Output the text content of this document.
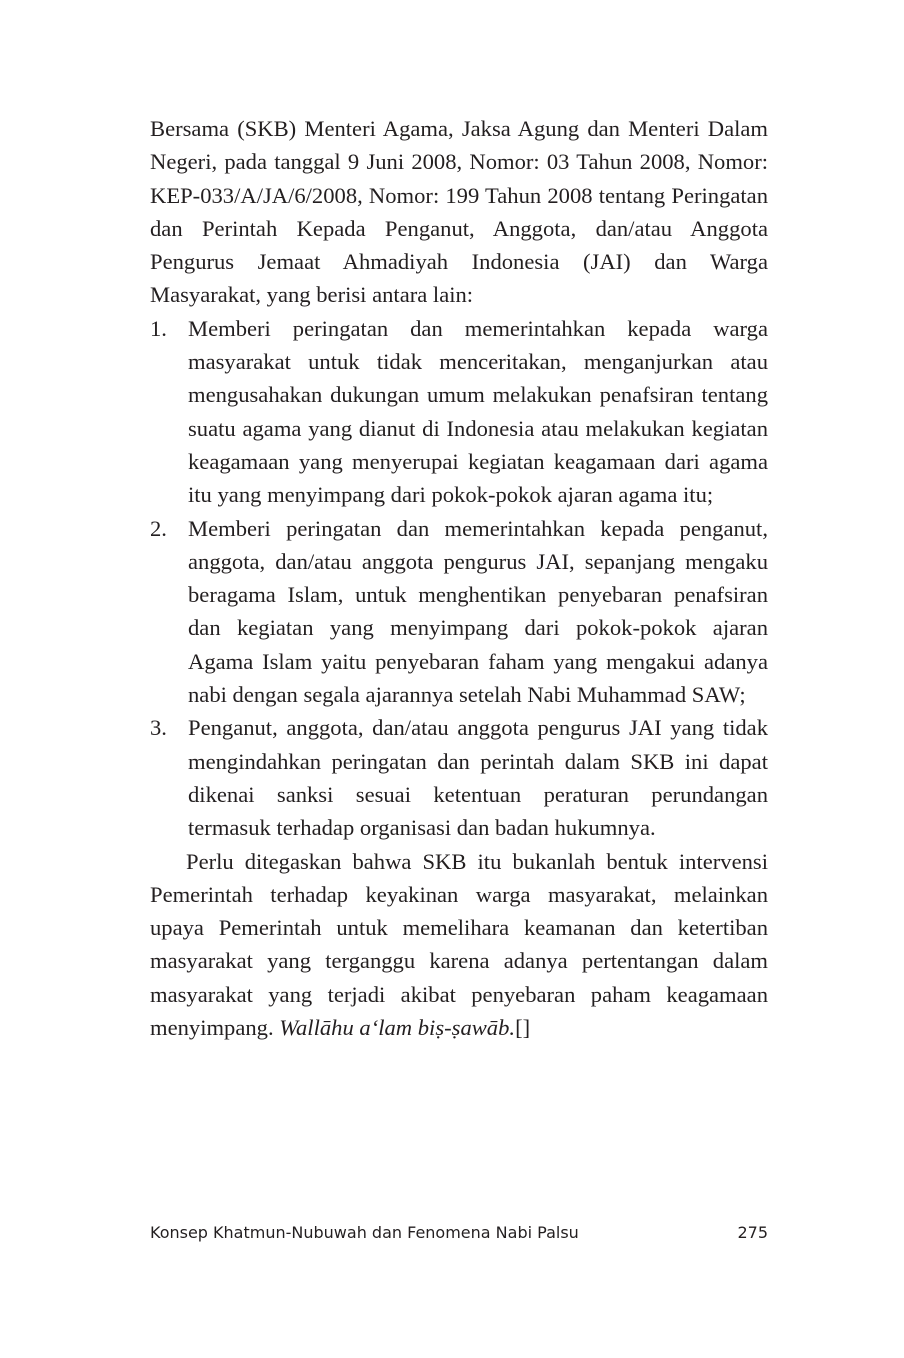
Bersama (SKB) Menteri Agama, Jaksa Agung dan Menteri Dalam Negeri, pada tanggal 9 Juni 2008, Nomor: 03 Tahun 2008, Nomor: KEP-033/A/JA/6/2008, Nomor: 199 Tahun 2008 tentang Peringatan dan Perintah Kepada Penganut, Anggota, dan/atau Anggota Pengurus Jemaat Ahmadiyah Indonesia (JAI) dan Warga Masyarakat, yang berisi antara lain:

1. Memberi peringatan dan memerintahkan kepada warga masyarakat untuk tidak menceritakan, menganjurkan atau mengusahakan dukungan umum melakukan penafsiran tentang suatu agama yang dianut di Indonesia atau melakukan kegiatan keagamaan yang menyerupai kegiatan keagamaan dari agama itu yang menyimpang dari pokok-pokok ajaran agama itu;
2. Memberi peringatan dan memerintahkan kepada penganut, anggota, dan/atau anggota pengurus JAI, sepanjang mengaku beragama Islam, untuk menghentikan penyebaran penafsiran dan kegiatan yang menyimpang dari pokok-pokok ajaran Agama Islam yaitu penyebaran faham yang mengakui adanya nabi dengan segala ajarannya setelah Nabi Muhammad SAW;
3. Penganut, anggota, dan/atau anggota pengurus JAI yang tidak mengindahkan peringatan dan perintah dalam SKB ini dapat dikenai sanksi sesuai ketentuan peraturan perundangan termasuk terhadap organisasi dan badan hukumnya.

Perlu ditegaskan bahwa SKB itu bukanlah bentuk intervensi Pemerintah terhadap keyakinan warga masyarakat, melainkan upaya Pemerintah untuk memelihara keamanan dan ketertiban masyarakat yang terganggu karena adanya pertentangan dalam masyarakat yang terjadi akibat penyebaran paham keagamaan menyimpang. Wallāhu a‘lam biṣ-ṣawāb.[]

Konsep Khatmun-Nubuwah dan Fenomena Nabi Palsu	275
